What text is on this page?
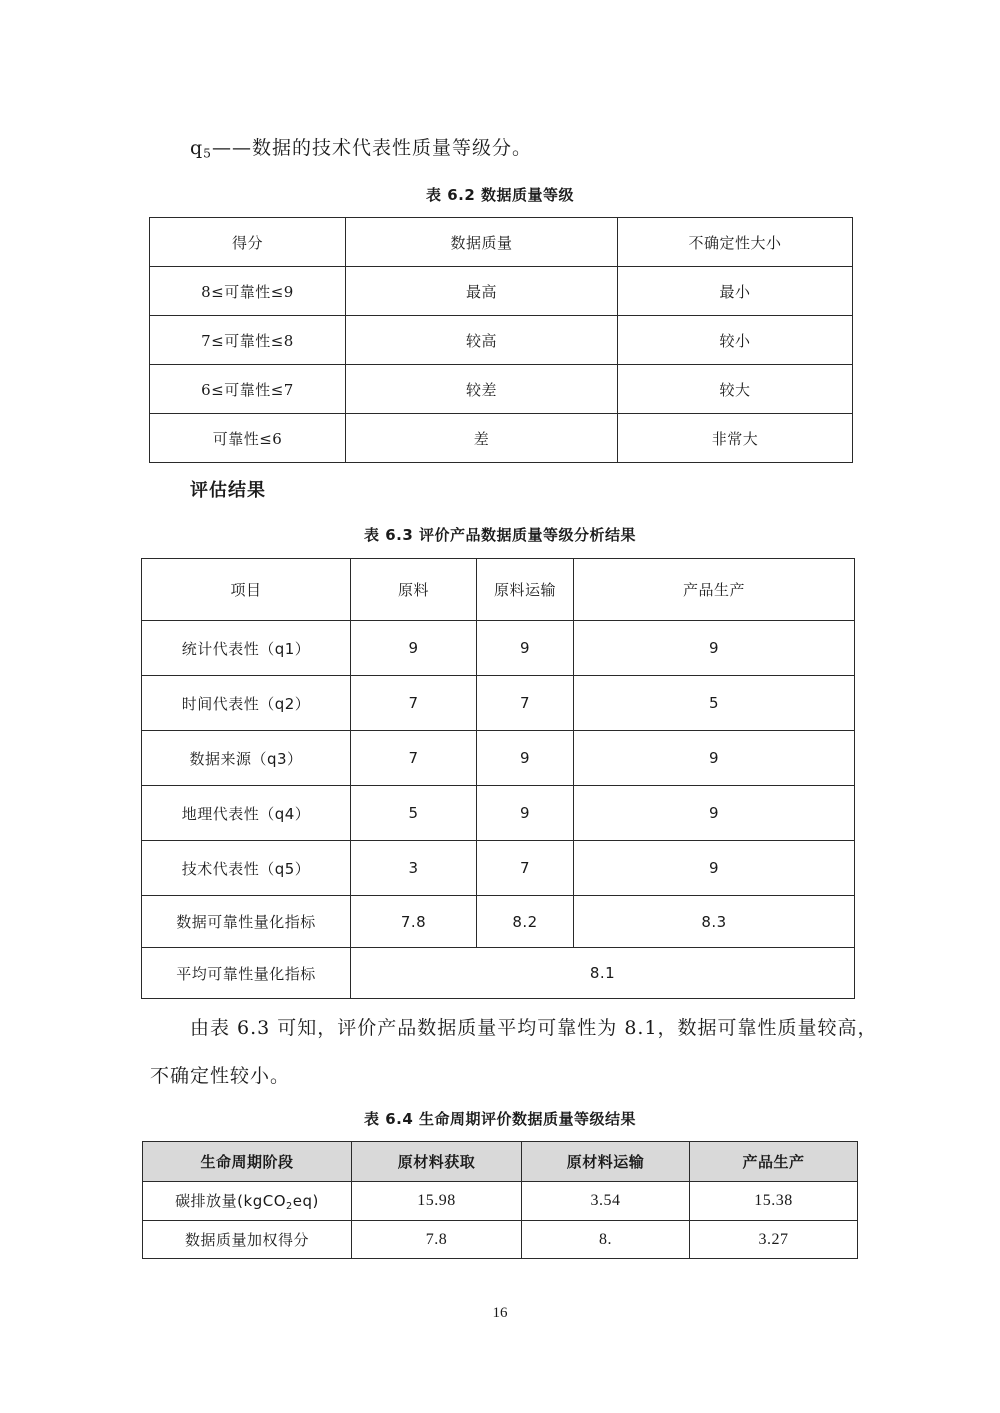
$q_5——$数据的技术代表性质量等级分。
表 6.2 数据质量等级
得分	数据质量	不确定性大小
8≤可靠性≤9	最高	最小
7≤可靠性≤8	较高	较小
6≤可靠性≤7	较差	较大
可靠性≤6	差	非常大
评估结果
表 6.3 评价产品数据质量等级分析结果
项目	原料	原料运输	产品生产
统计代表性（q1）	9	9	9
时间代表性（q2）	7	7	5
数据来源（q3）	7	9	9
地理代表性（q4）	5	9	9
技术代表性（q5）	3	7	9
数据可靠性量化指标	7.8	8.2	8.3
平均可靠性量化指标	8.1		
由表 6.3 可知，评价产品数据质量平均可靠性为 8.1，数据可靠性质量较高，
不确定性较小。
表 6.4 生命周期评价数据质量等级结果
生命周期阶段	原材料获取	原材料运输	产品生产
碳排放量(kgCO$_2$eq)	15.98	3.54	15.38
数据质量加权得分	7.8	8.	3.27
16
